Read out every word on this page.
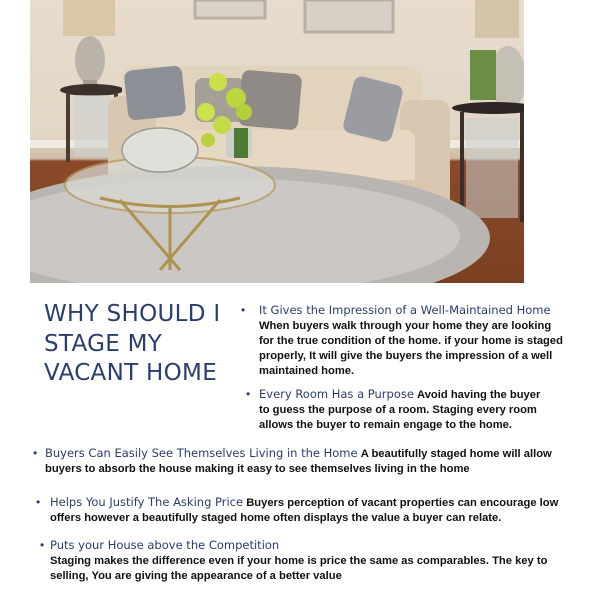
WHY SHOULD I STAGE MY VACANT HOME
• It Gives the Impression of a Well-Maintained Home
When buyers walk through your home they are looking for the true condition of the home. if your home is staged properly, It will give the buyers the impression of a well maintained home.
• Every Room Has a Purpose Avoid having the buyer to guess the purpose of a room. Staging every room allows the buyer to remain engage to the home.
• Buyers Can Easily See Themselves Living in the Home A beautifully staged home will allow buyers to absorb the house making it easy to see themselves living in the home
• Helps You Justify The Asking Price Buyers perception of vacant properties can encourage low offers however a beautifully staged home often displays the value a buyer can relate.
• Puts your House above the Competition
Staging makes the difference even if your home is price the same as comparables. The key to selling, You are giving the appearance of a better value
